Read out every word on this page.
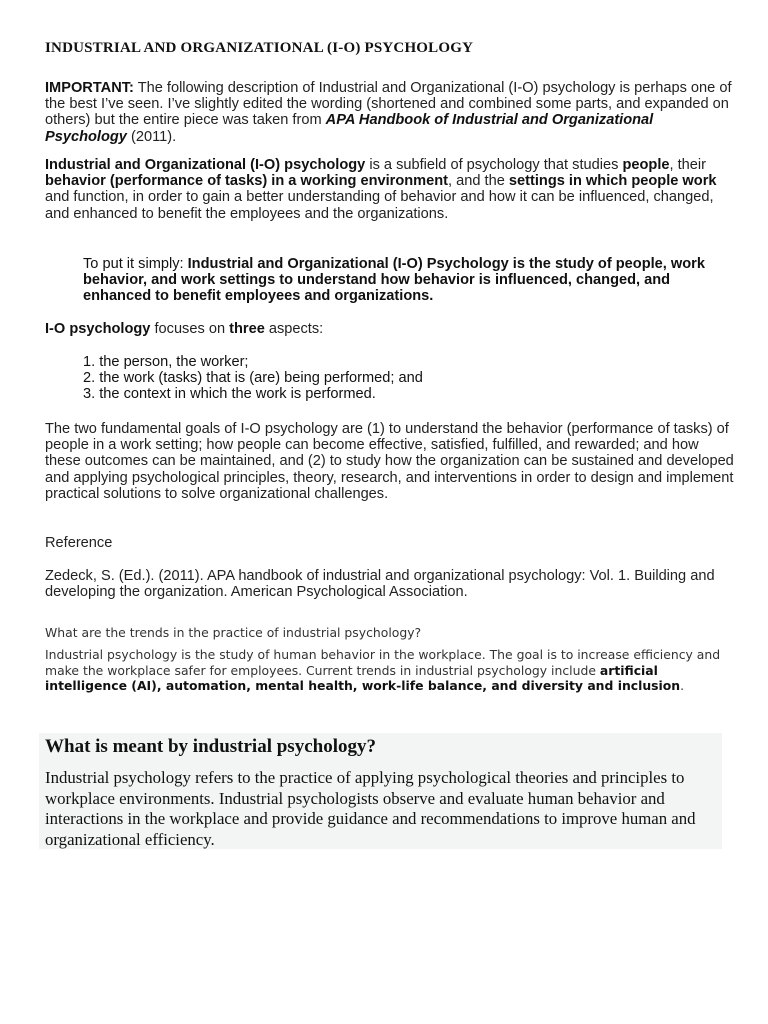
INDUSTRIAL AND ORGANIZATIONAL (I-O) PSYCHOLOGY

IMPORTANT: The following description of Industrial and Organizational (I-O) psychology is perhaps one of the best I’ve seen. I’ve slightly edited the wording (shortened and combined some parts, and expanded on others) but the entire piece was taken from APA Handbook of Industrial and Organizational Psychology (2011).

Industrial and Organizational (I-O) psychology is a subfield of psychology that studies people, their behavior (performance of tasks) in a working environment, and the settings in which people work and function, in order to gain a better understanding of behavior and how it can be influenced, changed, and enhanced to benefit the employees and the organizations.

To put it simply: Industrial and Organizational (I-O) Psychology is the study of people, work behavior, and work settings to understand how behavior is influenced, changed, and enhanced to benefit employees and organizations.

I-O psychology focuses on three aspects:

1. the person, the worker;
2. the work (tasks) that is (are) being performed; and
3. the context in which the work is performed.

The two fundamental goals of I-O psychology are (1) to understand the behavior (performance of tasks) of people in a work setting; how people can become effective, satisfied, fulfilled, and rewarded; and how these outcomes can be maintained, and (2) to study how the organization can be sustained and developed and applying psychological principles, theory, research, and interventions in order to design and implement practical solutions to solve organizational challenges.

Reference

Zedeck, S. (Ed.). (2011). APA handbook of industrial and organizational psychology: Vol. 1. Building and developing the organization. American Psychological Association.

What are the trends in the practice of industrial psychology?

Industrial psychology is the study of human behavior in the workplace. The goal is to increase efficiency and make the workplace safer for employees. Current trends in industrial psychology include artificial intelligence (AI), automation, mental health, work-life balance, and diversity and inclusion.

What is meant by industrial psychology?

Industrial psychology refers to the practice of applying psychological theories and principles to workplace environments. Industrial psychologists observe and evaluate human behavior and interactions in the workplace and provide guidance and recommendations to improve human and organizational efficiency.
